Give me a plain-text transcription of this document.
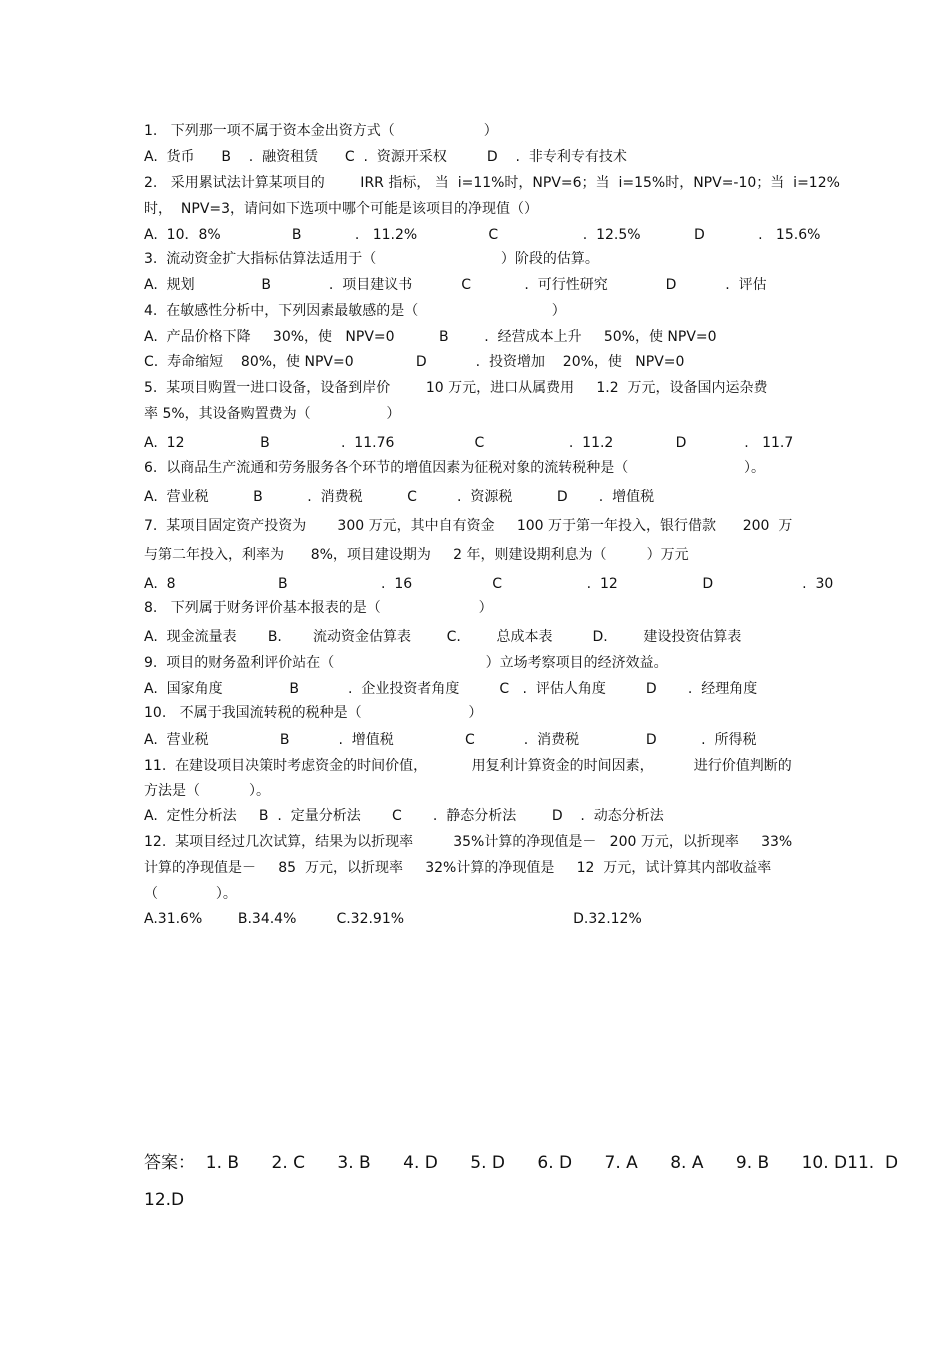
1.   下列那一项不属于资本金出资方式（                    ）
A.  货币      B    .  融资租赁      C  .  资源开采权         D    .  非专利专有技术
2.   采用累试法计算某项目的        IRR 指标， 当  i=11%时，NPV=6；当  i=15%时，NPV=-10；当  i=12%
时，  NPV=3，请问如下选项中哪个可能是该项目的净现值（）
A.  10．8%                B            .   11.2%                C                   .  12.5%            D            .   15.6%
3.  流动资金扩大指标估算法适用于（                            ）阶段的估算。
A.  规划               B             .  项目建议书           C            .  可行性研究             D           .  评估
4.  在敏感性分析中，下列因素最敏感的是（                              ）
A.  产品价格下降     30%，使   NPV=0          B        .  经营成本上升     50%，使 NPV=0
C.  寿命缩短    80%，使 NPV=0              D           .  投资增加    20%，使   NPV=0
5.  某项目购置一进口设备，设备到岸价        10 万元，进口从属费用     1.2  万元，设备国内运杂费
率 5%，其设备购置费为（                 ）
A.  12                 B                .  11.76                  C                   .  11.2              D             .   11.7
6.  以商品生产流通和劳务服务各个环节的增值因素为征税对象的流转税种是（                          ）。
A.  营业税          B          .  消费税          C         .  资源税          D       .  增值税
7.  某项目固定资产投资为       300 万元，其中自有资金     100 万于第一年投入，银行借款      200  万
与第二年投入，利率为      8%，项目建设期为     2 年，则建设期利息为（         ）万元
A.  8                       B                     .  16                  C                   .  12                   D                    .  30
8.   下列属于财务评价基本报表的是（                      ）
A.  现金流量表       B.       流动资金估算表        C.        总成本表         D.        建设投资估算表
9.  项目的财务盈利评价站在（                                  ）立场考察项目的经济效益。
A.  国家角度               B           .  企业投资者角度         C   .  评估人角度         D       .  经理角度
10.   不属于我国流转税的税种是（                        ）
A.  营业税                B           .  增值税                C           .  消费税               D          .  所得税
11.  在建设项目决策时考虑资金的时间价值，          用复利计算资金的时间因素，         进行价值判断的
方法是（           ）。
A.  定性分析法     B  .  定量分析法       C       .  静态分析法        D    .  动态分析法
12.  某项目经过几次试算，结果为以折现率         35%计算的净现值是－   200 万元，以折现率     33%
计算的净现值是－     85  万元，以折现率     32%计算的净现值是     12  万元，试计算其内部收益率
（             ）。
A.31.6%        B.34.4%         C.32.91%                                      D.32.12%
答案：  1. B      2. C      3. B      4. D      5. D      6. D      7. A      8. A      9. B      10. D11.  D
12.D
